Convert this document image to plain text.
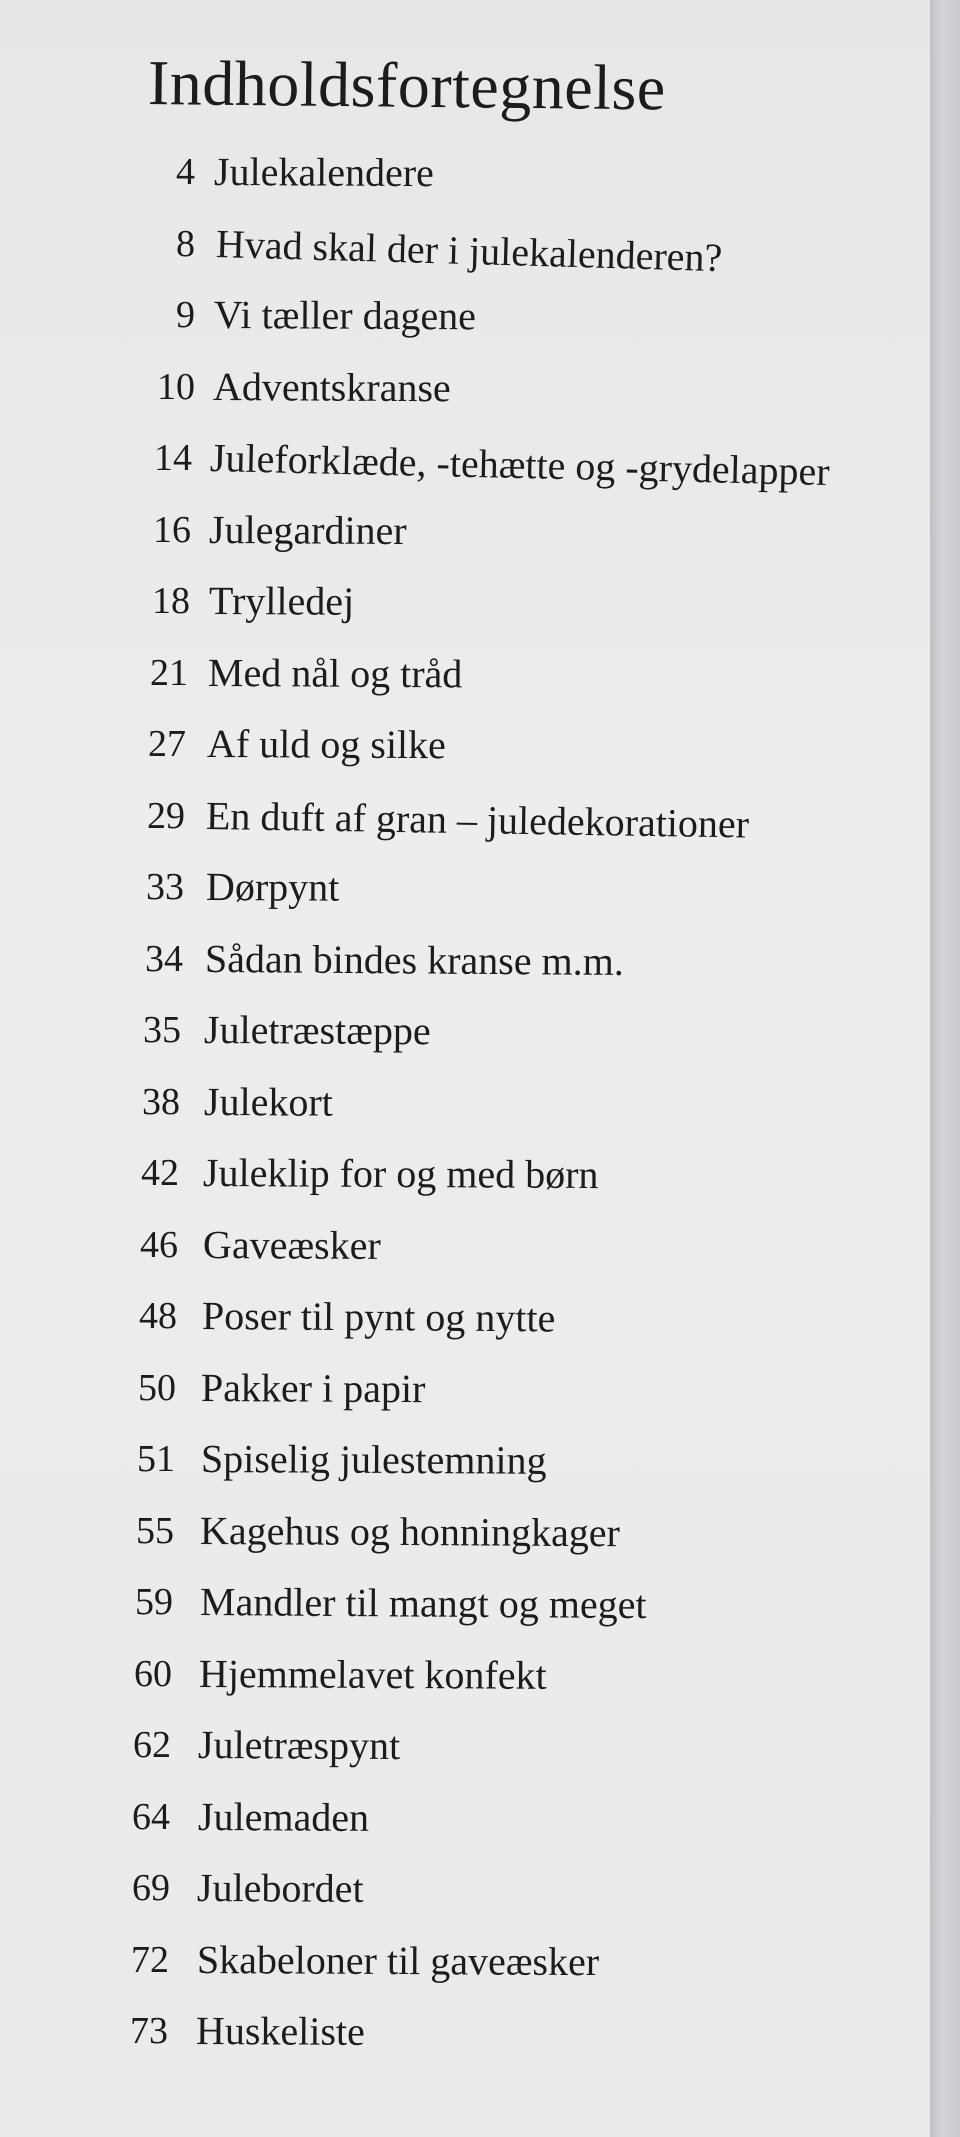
Indholdsfortegnelse
4 Julekalendere
8 Hvad skal der i julekalenderen?
9 Vi tæller dagene
10 Adventskranse
14 Juleforklæde, -tehætte og -grydelapper
16 Julegardiner
18 Trylledej
21 Med nål og tråd
27 Af uld og silke
29 En duft af gran – juledekorationer
33 Dørpynt
34 Sådan bindes kranse m.m.
35 Juletræstæppe
38 Julekort
42 Juleklip for og med børn
46 Gaveæsker
48 Poser til pynt og nytte
50 Pakker i papir
51 Spiselig julestemning
55 Kagehus og honningkager
59 Mandler til mangt og meget
60 Hjemmelavet konfekt
62 Juletræspynt
64 Julemaden
69 Julebordet
72 Skabeloner til gaveæsker
73 Huskeliste
